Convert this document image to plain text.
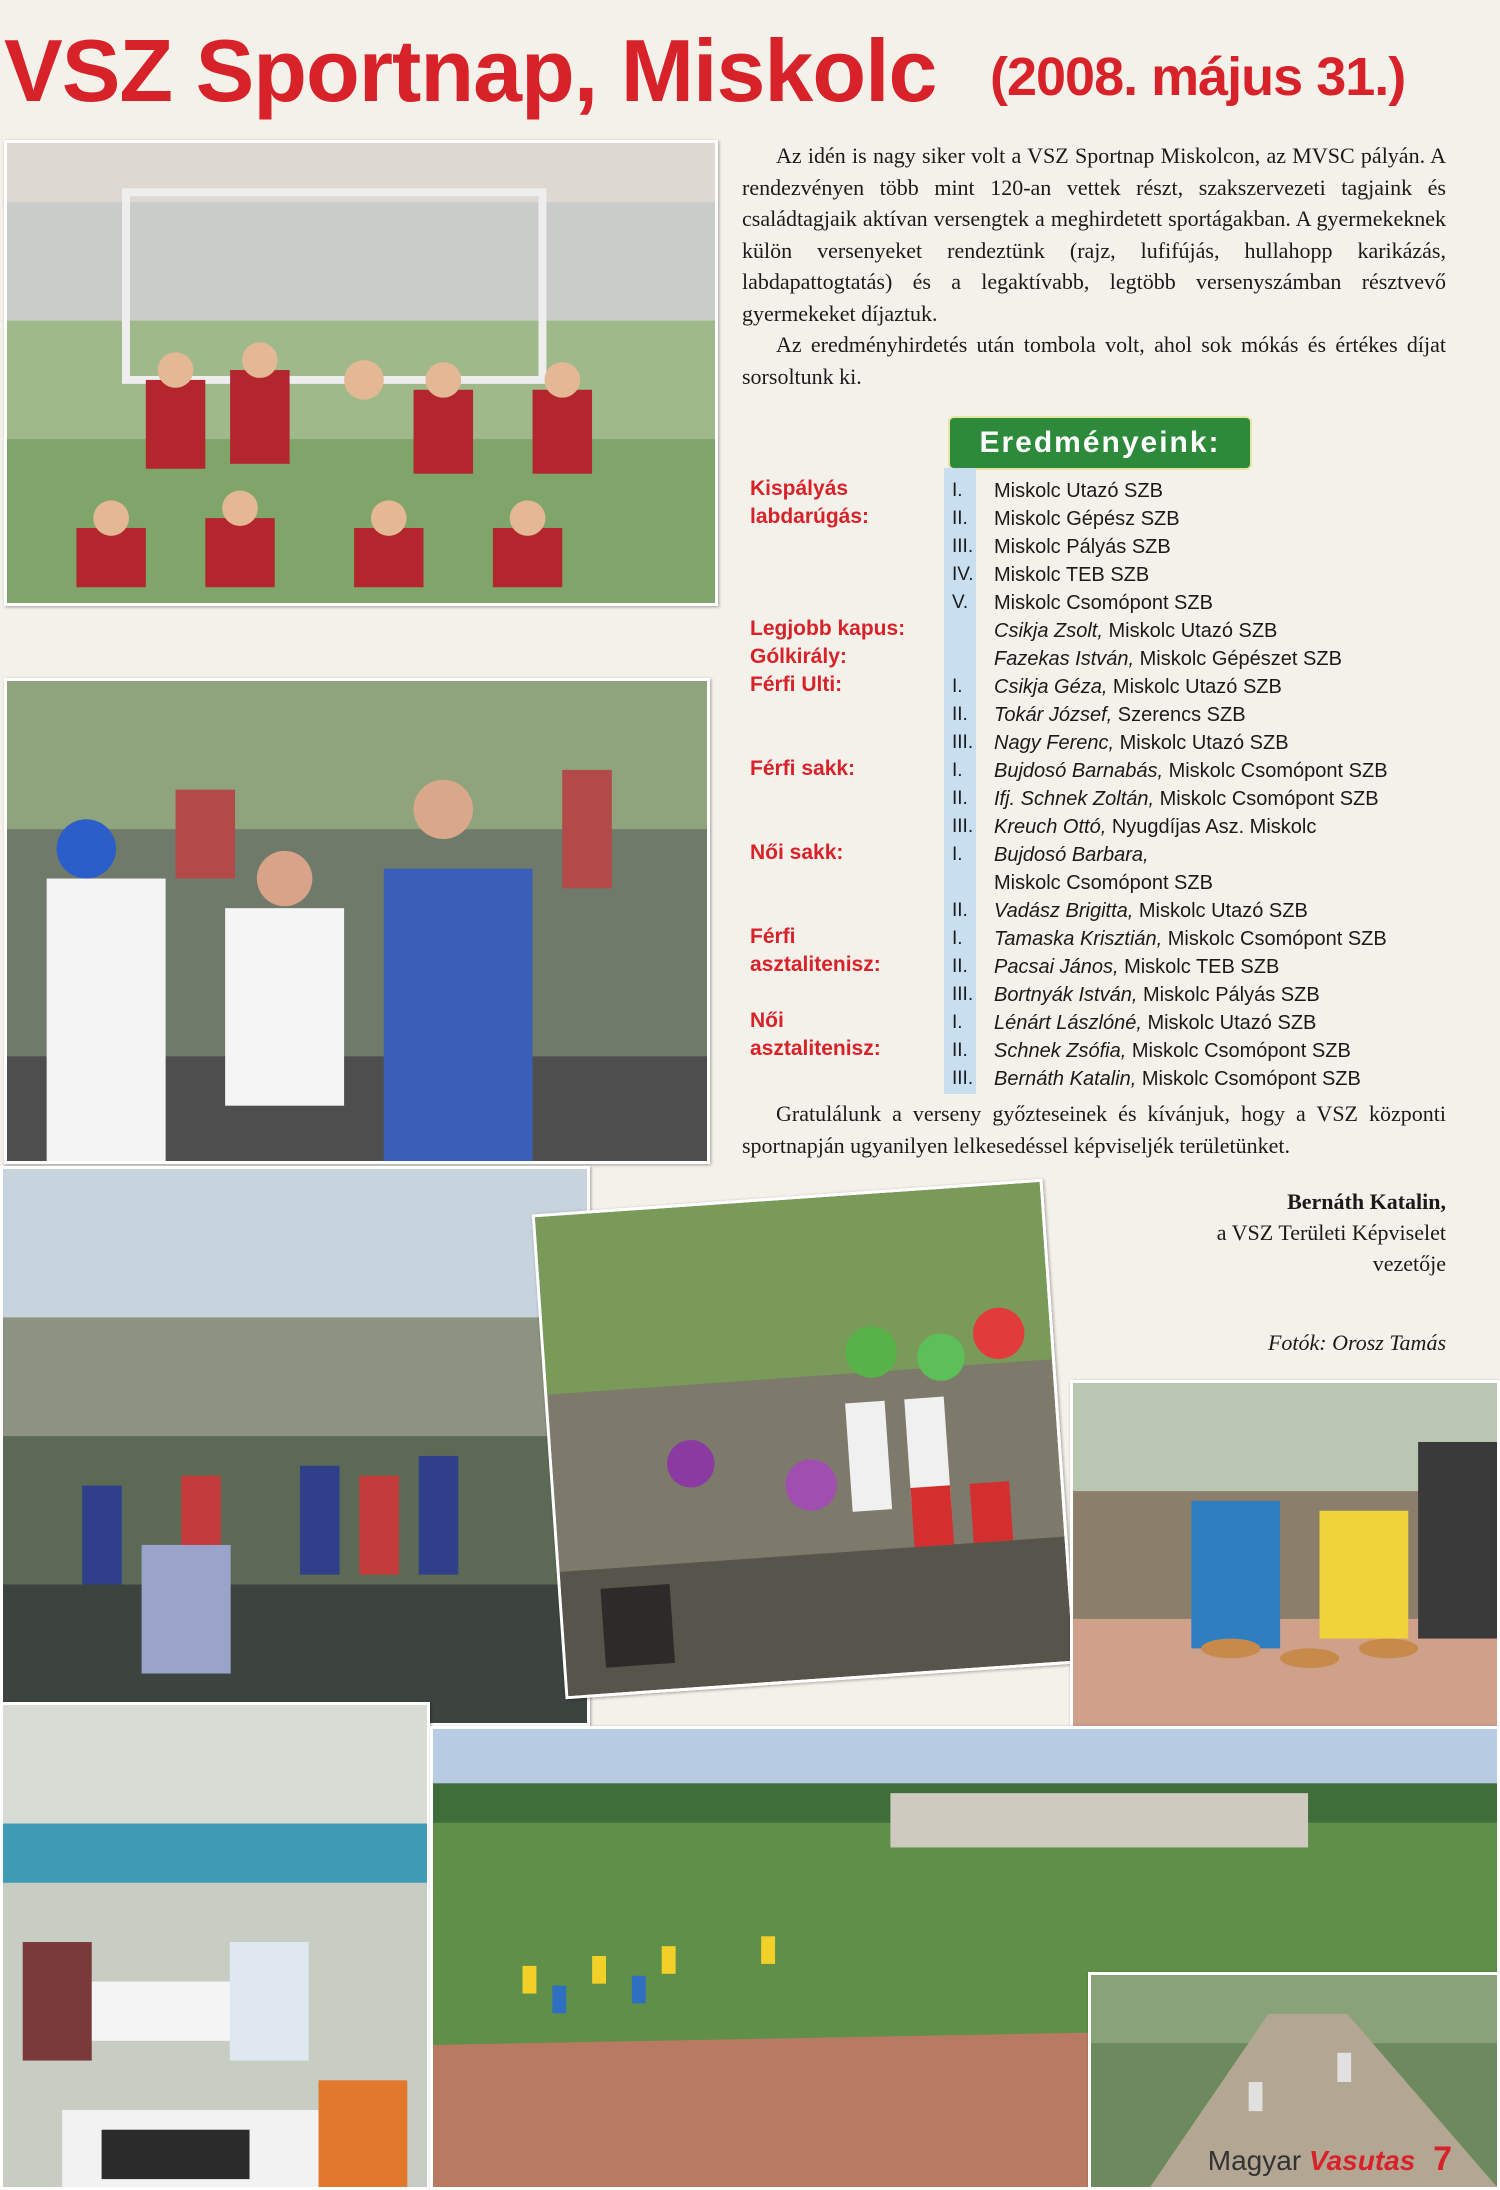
VSZ Sportnap, Miskolc (2008. május 31.)

Az idén is nagy siker volt a VSZ Sportnap Miskolcon, az MVSC pályán. A rendezvényen több mint 120-an vettek részt, szakszervezeti tagjaink és családtagjaik aktívan versengtek a meghirdetett sportágakban. A gyermekeknek külön versenyeket rendeztünk (rajz, lufifújás, hullahopp karikázás, labdapattogtatás) és a legaktívabb, legtöbb versenyszámban résztvevő gyermekeket díjaztuk.

Az eredményhirdetés után tombola volt, ahol sok mókás és értékes díjat sorsoltunk ki.

Eredményeink:
Kispályás	I.	Miskolc Utazó SZB
labdarúgás:	II.	Miskolc Gépész SZB
III.	Miskolc Pályás SZB
IV.	Miskolc TEB SZB
V.	Miskolc Csomópont SZB
Legjobb kapus:	Csikja Zsolt, Miskolc Utazó SZB
Gólkirály:	Fazekas István, Miskolc Gépészet SZB
Férfi Ulti:	I.	Csikja Géza, Miskolc Utazó SZB
II.	Tokár József, Szerencs SZB
III.	Nagy Ferenc, Miskolc Utazó SZB
Férfi sakk:	I.	Bujdosó Barnabás, Miskolc Csomópont SZB
II.	Ifj. Schnek Zoltán, Miskolc Csomópont SZB
III.	Kreuch Ottó, Nyugdíjas Asz. Miskolc
Női sakk:	I.	Bujdosó Barbara,
Miskolc Csomópont SZB
II.	Vadász Brigitta, Miskolc Utazó SZB
Férfi	I.	Tamaska Krisztián, Miskolc Csomópont SZB
asztalitenisz:	II.	Pacsai János, Miskolc TEB SZB
III.	Bortnyák István, Miskolc Pályás SZB
Női	I.	Lénárt Lászlóné, Miskolc Utazó SZB
asztalitenisz:	II.	Schnek Zsófia, Miskolc Csomópont SZB
III.	Bernáth Katalin, Miskolc Csomópont SZB

Gratulálunk a verseny győzteseinek és kívánjuk, hogy a VSZ központi sportnapján ugyanilyen lelkesedéssel képviseljék területünket.

Bernáth Katalin,
a VSZ Területi Képviselet
vezetője
Fotók: Orosz Tamás
Magyar Vasutas 7
